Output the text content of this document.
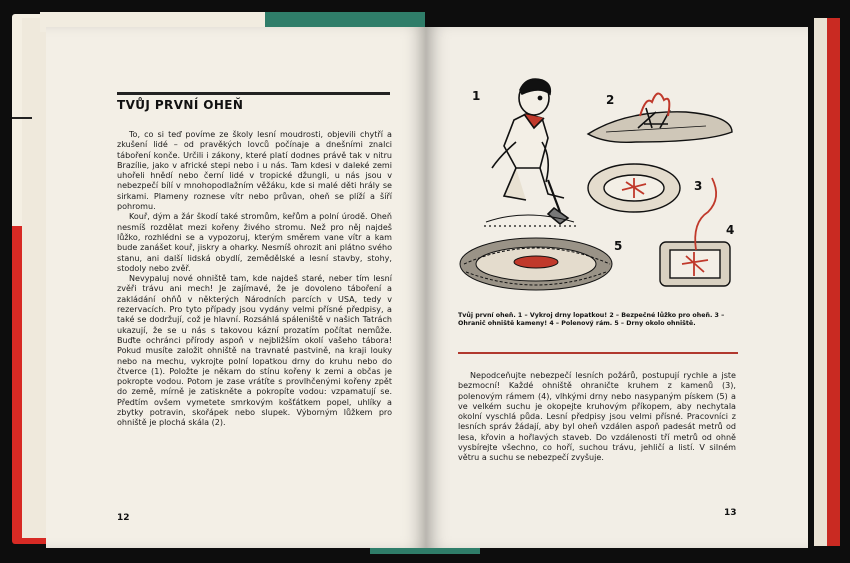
TVŮJ PRVNÍ OHEŇ

To, co si teď povíme ze školy lesní moudrosti, objevili chytří a zkušení lidé – od pravěkých lovců počínaje a dnešními znalci táboření konče. Určili i zákony, které platí dodnes právě tak v nitru Brazílie, jako v africké stepi nebo i u nás. Tam kdesi v daleké zemi uhořeli hnědí nebo černí lidé v tropické džungli, u nás jsou v nebezpečí bílí v mnohopodlažním věžáku, kde si malé děti hrály se sirkami. Plameny roznese vítr nebo průvan, oheň se plíží a šíří pohromu.

Kouř, dým a žár škodí také stromům, keřům a polní úrodě. Oheň nesmíš rozdělat mezi kořeny živého stromu. Než pro něj najdeš lůžko, rozhlédni se a vypozoruj, kterým směrem vane vítr a kam bude zanášet kouř, jiskry a oharky. Nesmíš ohrozit ani plátno svého stanu, ani další lidská obydlí, zemědělské a lesní stavby, stohy, stodoly nebo zvěř.

Nevypaluj nové ohniště tam, kde najdeš staré, neber tím lesní zvěři trávu ani mech! Je zajímavé, že je dovoleno táboření a zakládání ohňů v některých Národních parcích v USA, tedy v rezervacích. Pro tyto případy jsou vydány velmi přísné předpisy, a také se dodržují, což je hlavní. Rozsáhlá spáleniště v našich Tatrách ukazují, že se u nás s takovou kázní prozatím počítat nemůže. Buďte ochránci přírody aspoň v nejbližším okolí vašeho tábora! Pokud musíte založit ohniště na travnaté pastvině, na kraji louky nebo na mechu, vykrojte polní lopatkou drny do kruhu nebo do čtverce (1). Položte je někam do stínu kořeny k zemi a občas je pokropte vodou. Potom je zase vrátíte s provlhčenými kořeny zpět do země, mírně je zatiskněte a pokropíte vodou: vzpamatují se. Předtím ovšem vymetete smrkovým košťátkem popel, uhlíky a zbytky potravin, skořápek nebo slupek. Výborným lůžkem pro ohniště je plochá skála (2).

12
1	2
3
4
5
Tvůj první oheň. 1 – Vykroj drny lopatkou! 2 – Bezpečné lůžko pro oheň. 3 – Ohranič ohniště kameny! 4 – Polenový rám. 5 – Drny okolo ohniště.

Nepodceňujte nebezpečí lesních požárů, postupují rychle a jste bezmocní! Každé ohniště ohraničte kruhem z kamenů (3), polenovým rámem (4), vlhkými drny nebo nasypaným pískem (5) a ve velkém suchu je okopejte kruhovým příkopem, aby nechytala okolní vyschlá půda. Lesní předpisy jsou velmi přísné. Pracovníci z lesních správ žádají, aby byl oheň vzdálen aspoň padesát metrů od lesa, křovin a hořlavých staveb. Do vzdálenosti tří metrů od ohně vysbírejte všechno, co hoří, suchou trávu, jehličí a listí. V silném větru a suchu se nebezpečí zvyšuje.

13
